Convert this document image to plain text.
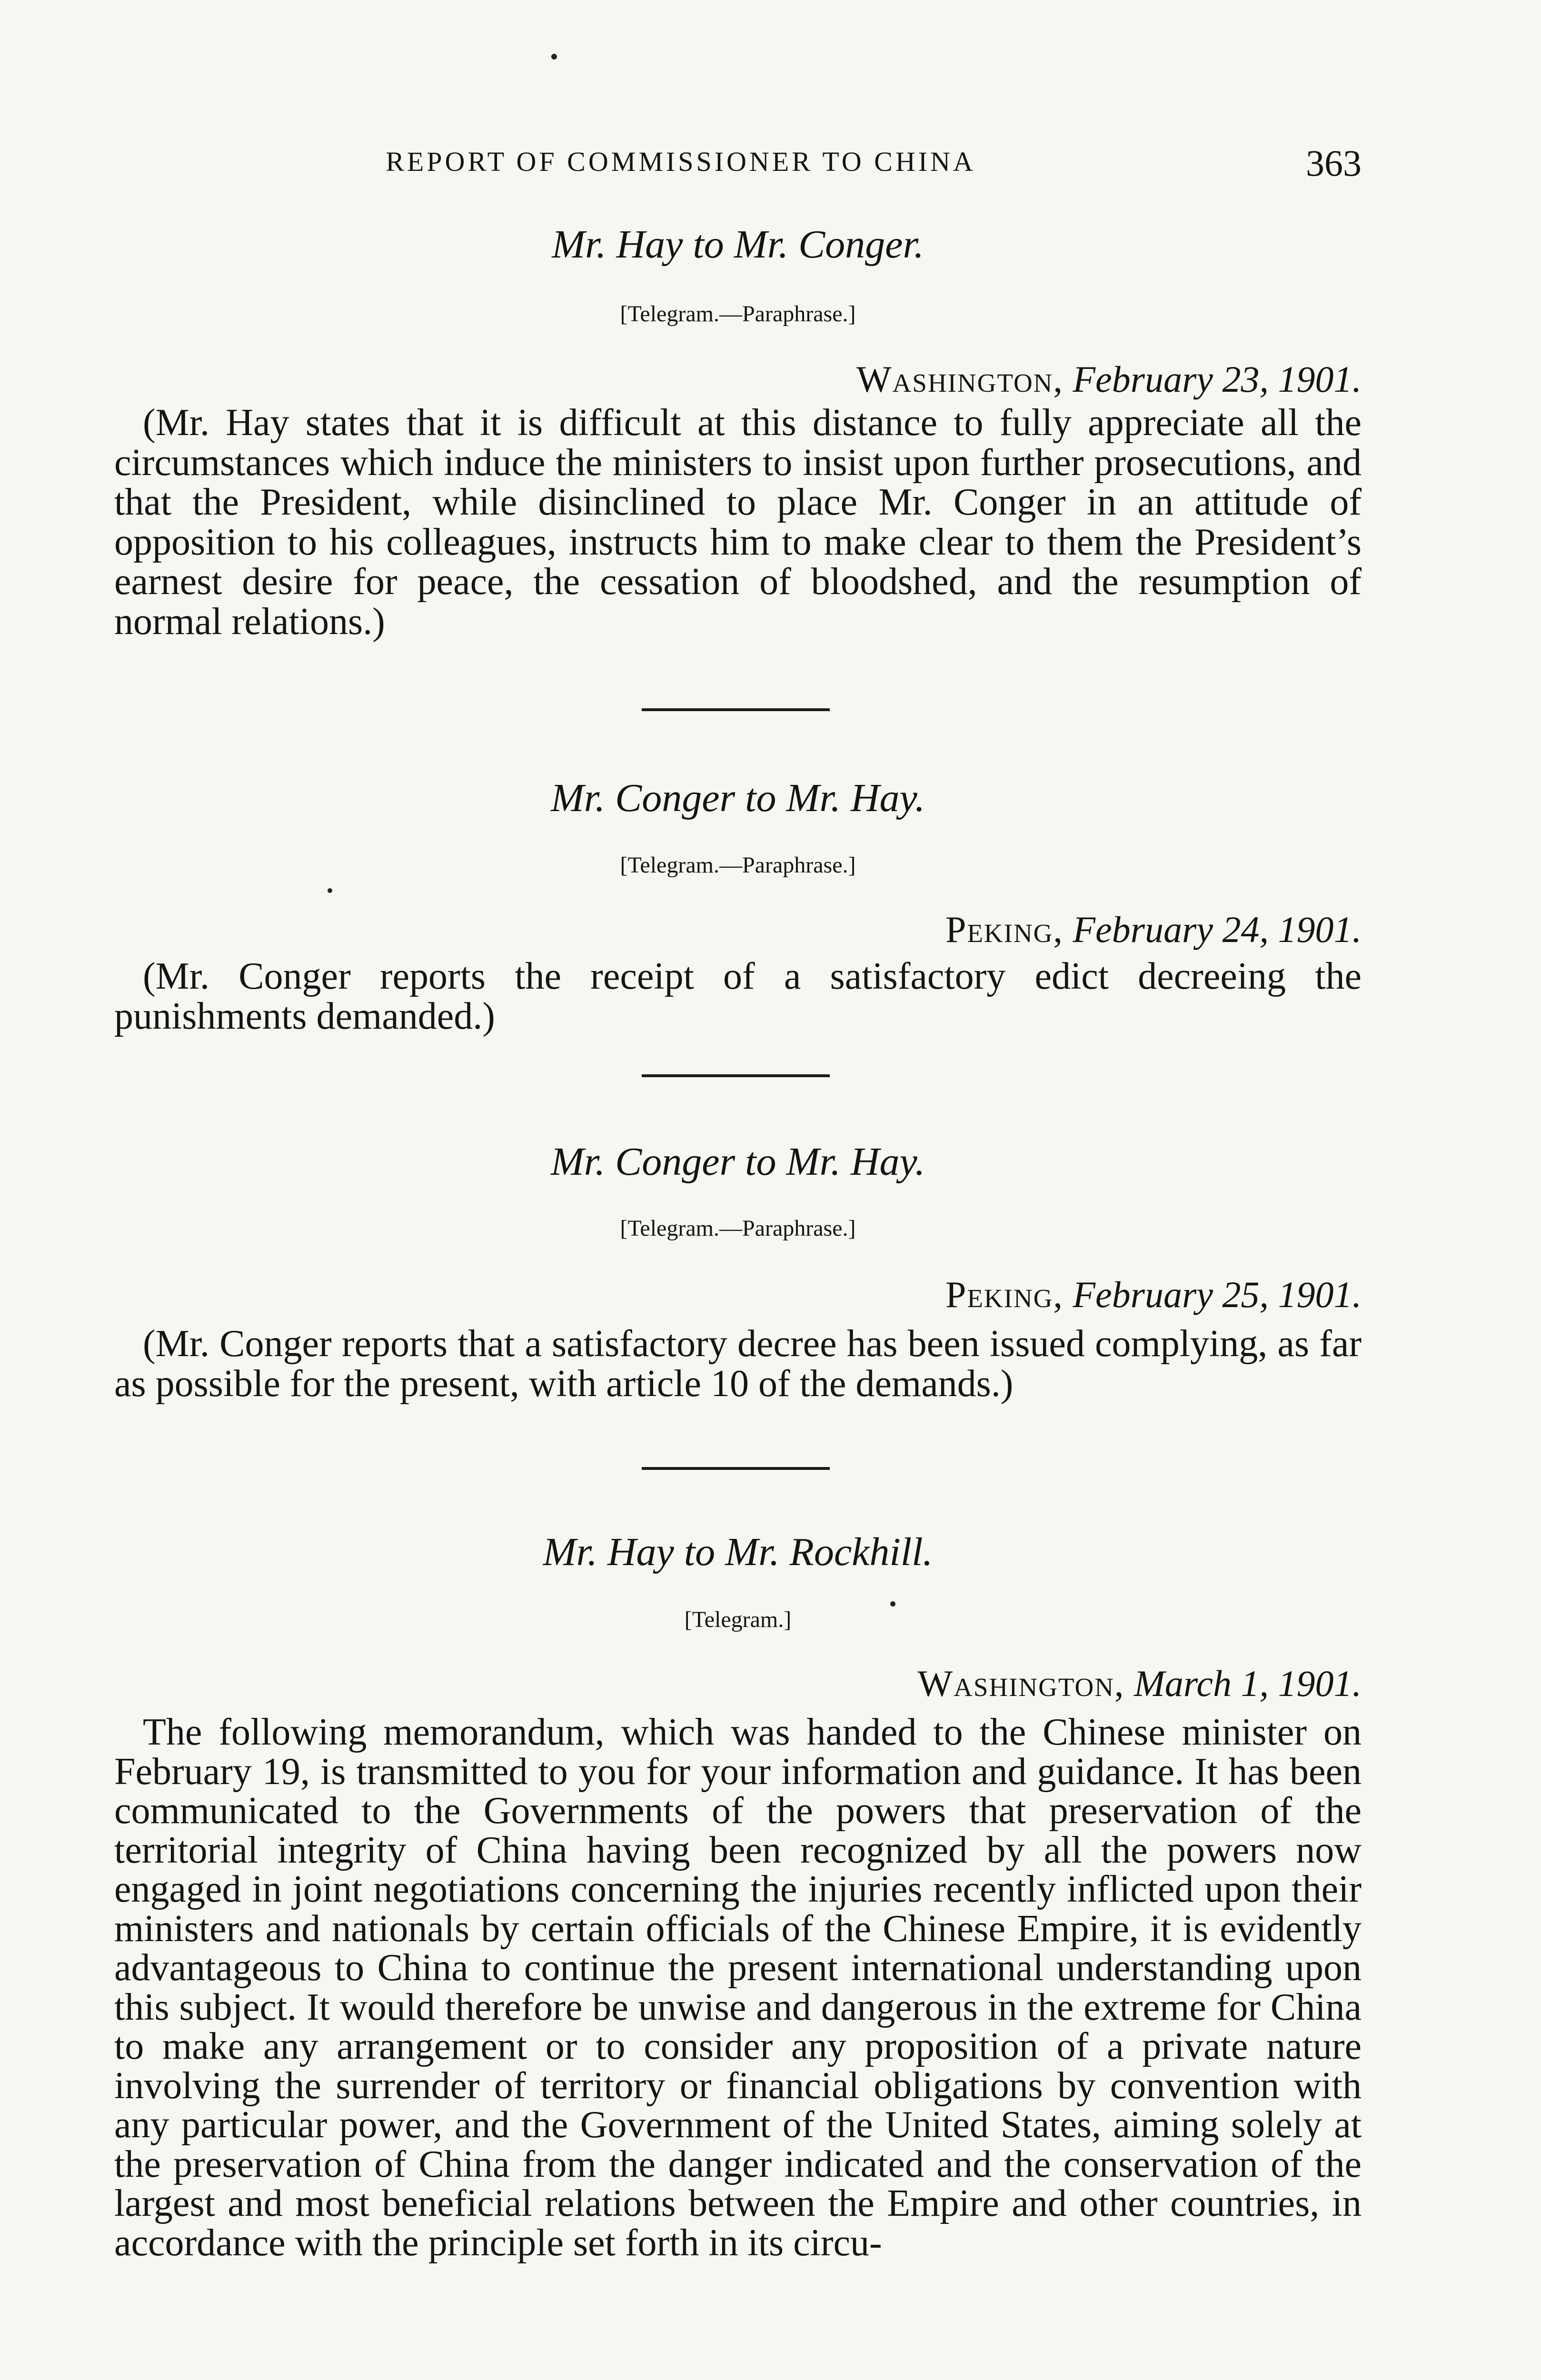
REPORT OF COMMISSIONER TO CHINA	363
Mr. Hay to Mr. Conger.
[Telegram.—Paraphrase.]
Washington, February 23, 1901.

(Mr. Hay states that it is difficult at this distance to fully appreciate all the circumstances which induce the ministers to insist upon further prosecutions, and that the President, while disinclined to place Mr. Conger in an attitude of opposition to his colleagues, instructs him to make clear to them the President’s earnest desire for peace, the cessation of bloodshed, and the resumption of normal relations.)

Mr. Conger to Mr. Hay.
[Telegram.—Paraphrase.]
Peking, February 24, 1901.

(Mr. Conger reports the receipt of a satisfactory edict decreeing the punishments demanded.)

Mr. Conger to Mr. Hay.
[Telegram.—Paraphrase.]
Peking, February 25, 1901.

(Mr. Conger reports that a satisfactory decree has been issued complying, as far as possible for the present, with article 10 of the demands.)

Mr. Hay to Mr. Rockhill.
[Telegram.]
Washington, March 1, 1901.

The following memorandum, which was handed to the Chinese minister on February 19, is transmitted to you for your information and guidance. It has been communicated to the Governments of the powers that preservation of the territorial integrity of China having been recognized by all the powers now engaged in joint negotiations concerning the injuries recently inflicted upon their ministers and nationals by certain officials of the Chinese Empire, it is evidently advantageous to China to continue the present international understanding upon this subject. It would therefore be unwise and dangerous in the extreme for China to make any arrangement or to consider any proposition of a private nature involving the surrender of territory or financial obligations by convention with any particular power, and the Government of the United States, aiming solely at the preservation of China from the danger indicated and the conservation of the largest and most beneficial relations between the Empire and other countries, in accordance with the principle set forth in its circu-
